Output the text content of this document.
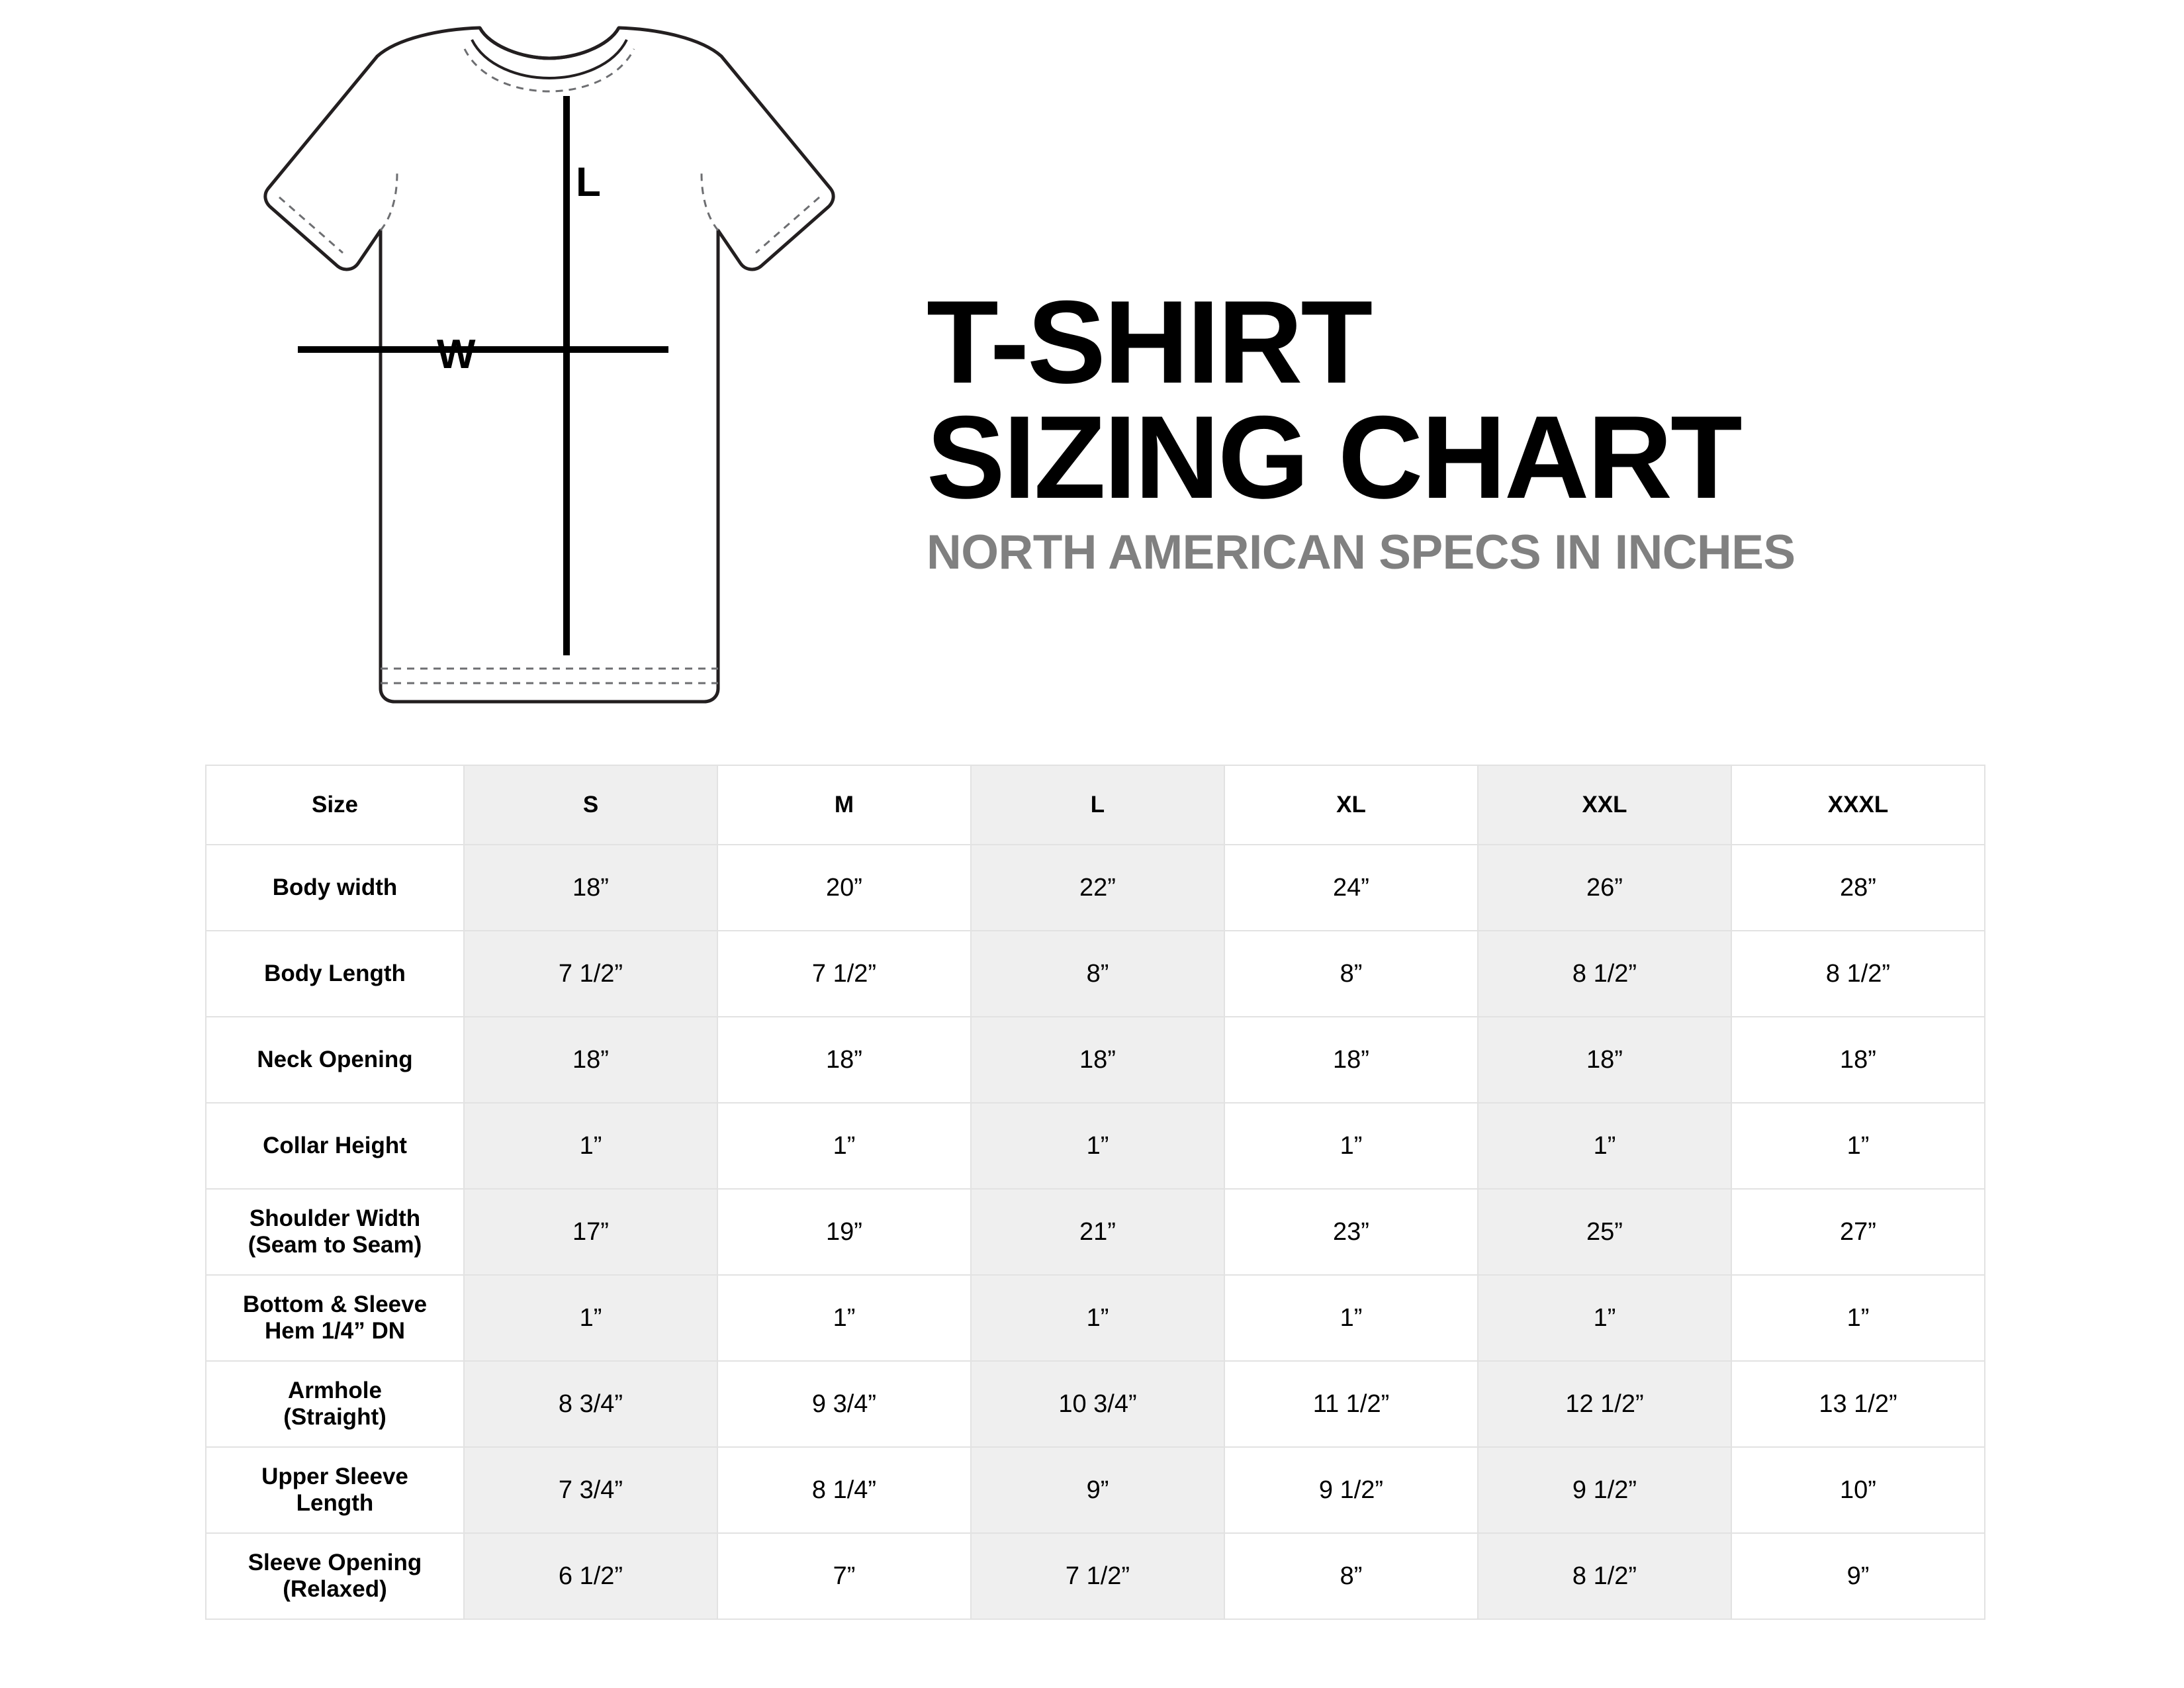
L
W	T-SHIRT
SIZING CHART
NORTH AMERICAN SPECS IN INCHES
Size	S	M	L	XL	XXL	XXXL
Body width	18”	20”	22”	24”	26”	28”
Body Length	7 1/2”	7 1/2”	8”	8”	8 1/2”	8 1/2”
Neck Opening	18”	18”	18”	18”	18”	18”
Collar Height	1”	1”	1”	1”	1”	1”
Shoulder Width
(Seam to Seam)	17”	19”	21”	23”	25”	27”
Bottom & Sleeve
Hem 1/4” DN	1”	1”	1”	1”	1”	1”
Armhole
(Straight)	8 3/4”	9 3/4”	10 3/4”	11 1/2”	12 1/2”	13 1/2”
Upper Sleeve
Length	7 3/4”	8 1/4”	9”	9 1/2”	9 1/2”	10”
Sleeve Opening
(Relaxed)	6 1/2”	7”	7 1/2”	8”	8 1/2”	9”
